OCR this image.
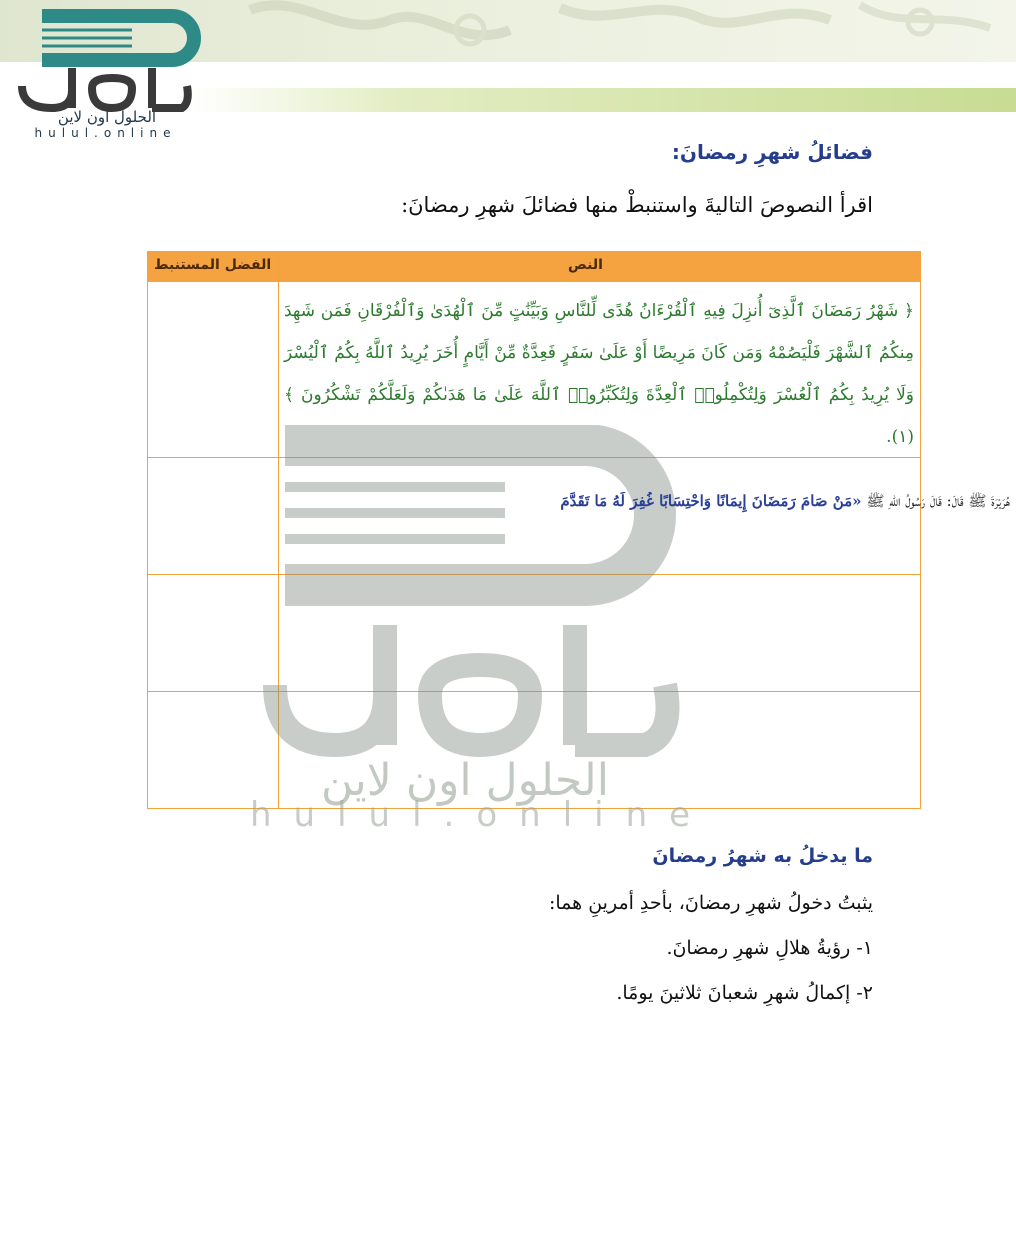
الحلول اون لاين
hulul.online
فضائلُ شهرِ رمضانَ:
اقرأ النصوصَ التاليةَ واستنبطْ منها فضائلَ شهرِ رمضانَ:
النص
الفضل المستنبط
﴿ شَهْرُ رَمَضَانَ ٱلَّذِىٓ أُنزِلَ فِيهِ ٱلْقُرْءَانُ هُدًى لِّلنَّاسِ وَبَيِّنَٰتٍ مِّنَ ٱلْهُدَىٰ وَٱلْفُرْقَانِ فَمَن شَهِدَ مِنكُمُ ٱلشَّهْرَ فَلْيَصُمْهُ وَمَن كَانَ مَرِيضًا أَوْ عَلَىٰ سَفَرٍ فَعِدَّةٌ مِّنْ أَيَّامٍ أُخَرَ يُرِيدُ ٱللَّهُ بِكُمُ ٱلْيُسْرَ وَلَا يُرِيدُ بِكُمُ ٱلْعُسْرَ وَلِتُكْمِلُوا۟ ٱلْعِدَّةَ وَلِتُكَبِّرُوا۟ ٱللَّهَ عَلَىٰ مَا هَدَىٰكُمْ وَلَعَلَّكُمْ تَشْكُرُونَ ﴾ (١).
الحلول اون لاين
hulul.online
هُرَيْرَةَ ﷺ قَالَ: قَالَ رَسُولُ اللهِ ﷺ «مَنْ صَامَ رَمَضَانَ إِيمَانًا وَاحْتِسَابًا غُفِرَ لَهُ مَا تَقَدَّمَ
ما يدخلُ به شهرُ رمضانَ
يثبتُ دخولُ شهرِ رمضانَ، بأحدِ أمرينِ هما:
١- رؤيةُ هلالِ شهرِ رمضانَ.
٢- إكمالُ شهرِ شعبانَ ثلاثينَ يومًا.
